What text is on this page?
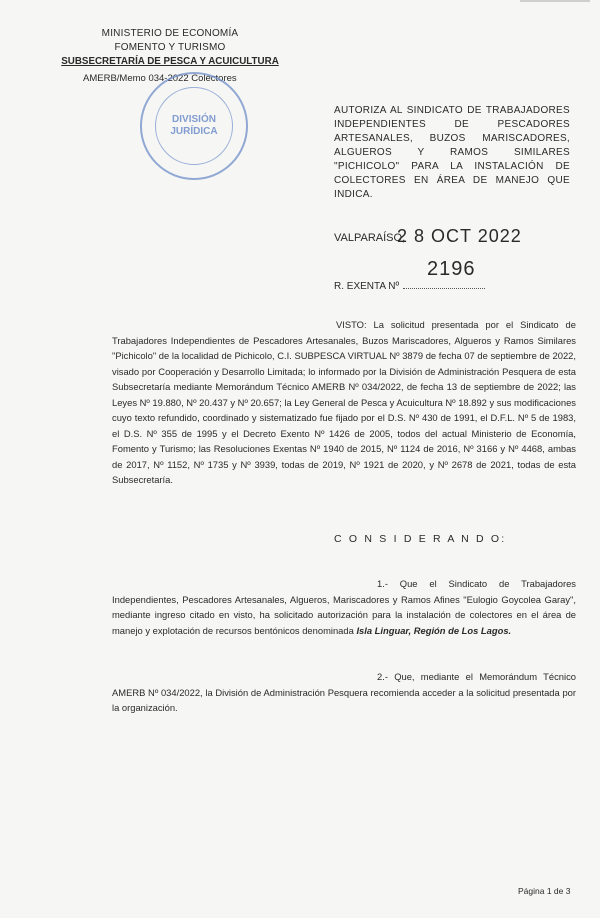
MINISTERIO DE ECONOMÍA
FOMENTO Y TURISMO
SUBSECRETARÍA DE PESCA Y ACUICULTURA
AMERB/Memo 034-2022 Colectores
DIVISIÓN
JURÍDICA
AUTORIZA AL SINDICATO DE TRABAJADORES INDEPENDIENTES DE PESCADORES ARTESANALES, BUZOS MARISCADORES, ALGUEROS Y RAMOS SIMILARES "PICHICOLO" PARA LA INSTALACIÓN DE COLECTORES EN ÁREA DE MANEJO QUE INDICA.
VALPARAÍSO,
2 8 OCT 2022
R. EXENTA Nº
2196
VISTO: La solicitud presentada por el Sindicato de Trabajadores Independientes de Pescadores Artesanales, Buzos Mariscadores, Algueros y Ramos Similares "Pichicolo" de la localidad de Pichicolo, C.I. SUBPESCA VIRTUAL Nº 3879 de fecha 07 de septiembre de 2022, visado por Cooperación y Desarrollo Limitada; lo informado por la División de Administración Pesquera de esta Subsecretaría mediante Memorándum Técnico AMERB Nº 034/2022, de fecha 13 de septiembre de 2022; las Leyes Nº 19.880, Nº 20.437 y Nº 20.657; la Ley General de Pesca y Acuicultura Nº 18.892 y sus modificaciones cuyo texto refundido, coordinado y sistematizado fue fijado por el D.S. Nº 430 de 1991, el D.F.L. Nº 5 de 1983, el D.S. Nº 355 de 1995 y el Decreto Exento Nº 1426 de 2005, todos del actual Ministerio de Economía, Fomento y Turismo; las Resoluciones Exentas Nº 1940 de 2015, Nº 1124 de 2016, Nº 3166 y Nº 4468, ambas de 2017, Nº 1152, Nº 1735 y Nº 3939, todas de 2019, Nº 1921 de 2020, y Nº 2678 de 2021, todas de esta Subsecretaría.
C O N S I D E R A N D O:
1.- Que el Sindicato de Trabajadores Independientes, Pescadores Artesanales, Algueros, Mariscadores y Ramos Afines "Eulogio Goycolea Garay", mediante ingreso citado en visto, ha solicitado autorización para la instalación de colectores en el área de manejo y explotación de recursos bentónicos denominada Isla Linguar, Región de Los Lagos.
2.- Que, mediante el Memorándum Técnico AMERB Nº 034/2022, la División de Administración Pesquera recomienda acceder a la solicitud presentada por la organización.
Página 1 de 3
